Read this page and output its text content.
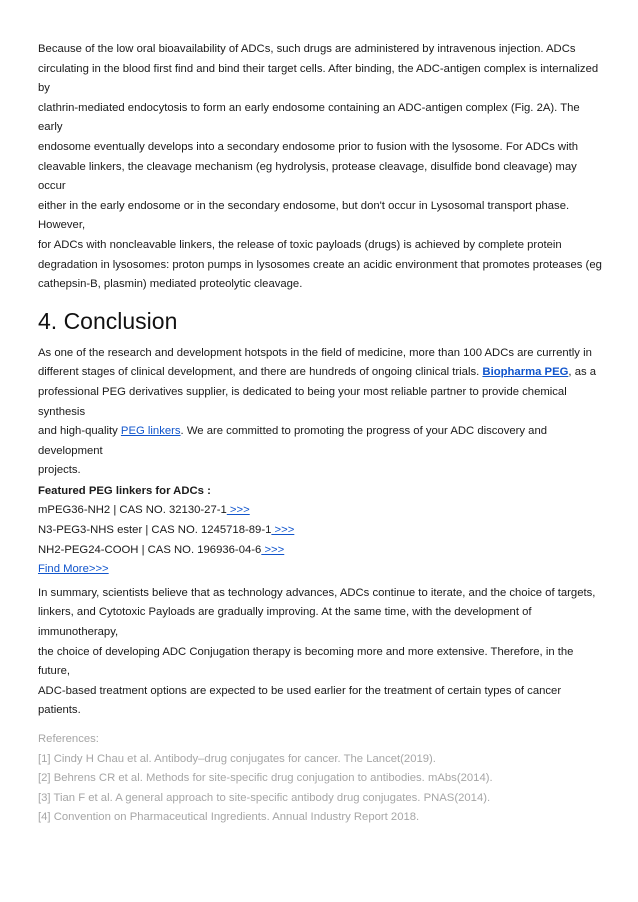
Because of the low oral bioavailability of ADCs, such drugs are administered by intravenous injection. ADCs
circulating in the blood first find and bind their target cells. After binding, the ADC-antigen complex is internalized by
clathrin-mediated endocytosis to form an early endosome containing an ADC-antigen complex (Fig. 2A). The early
endosome eventually develops into a secondary endosome prior to fusion with the lysosome. For ADCs with
cleavable linkers, the cleavage mechanism (eg hydrolysis, protease cleavage, disulfide bond cleavage) may occur
either in the early endosome or in the secondary endosome, but don't occur in Lysosomal transport phase. However,
for ADCs with noncleavable linkers, the release of toxic payloads (drugs) is achieved by complete protein
degradation in lysosomes: proton pumps in lysosomes create an acidic environment that promotes proteases (eg
cathepsin-B, plasmin) mediated proteolytic cleavage.

4. Conclusion

As one of the research and development hotspots in the field of medicine, more than 100 ADCs are currently in
different stages of clinical development, and there are hundreds of ongoing clinical trials. Biopharma PEG, as a
professional PEG derivatives supplier, is dedicated to being your most reliable partner to provide chemical synthesis
and high-quality PEG linkers. We are committed to promoting the progress of your ADC discovery and development
projects.

Featured PEG linkers for ADCs :
mPEG36-NH2 | CAS NO. 32130-27-1 >>>
N3-PEG3-NHS ester | CAS NO. 1245718-89-1 >>>
NH2-PEG24-COOH | CAS NO. 196936-04-6 >>>
Find More>>>

In summary, scientists believe that as technology advances, ADCs continue to iterate, and the choice of targets,
linkers, and Cytotoxic Payloads are gradually improving. At the same time, with the development of immunotherapy,
the choice of developing ADC Conjugation therapy is becoming more and more extensive. Therefore, in the future,
ADC-based treatment options are expected to be used earlier for the treatment of certain types of cancer patients.

References:
[1] Cindy H Chau et al. Antibody–drug conjugates for cancer. The Lancet(2019).
[2] Behrens CR et al. Methods for site-specific drug conjugation to antibodies. mAbs(2014).
[3] Tian F et al. A general approach to site-specific antibody drug conjugates. PNAS(2014).
[4] Convention on Pharmaceutical Ingredients. Annual Industry Report 2018.
